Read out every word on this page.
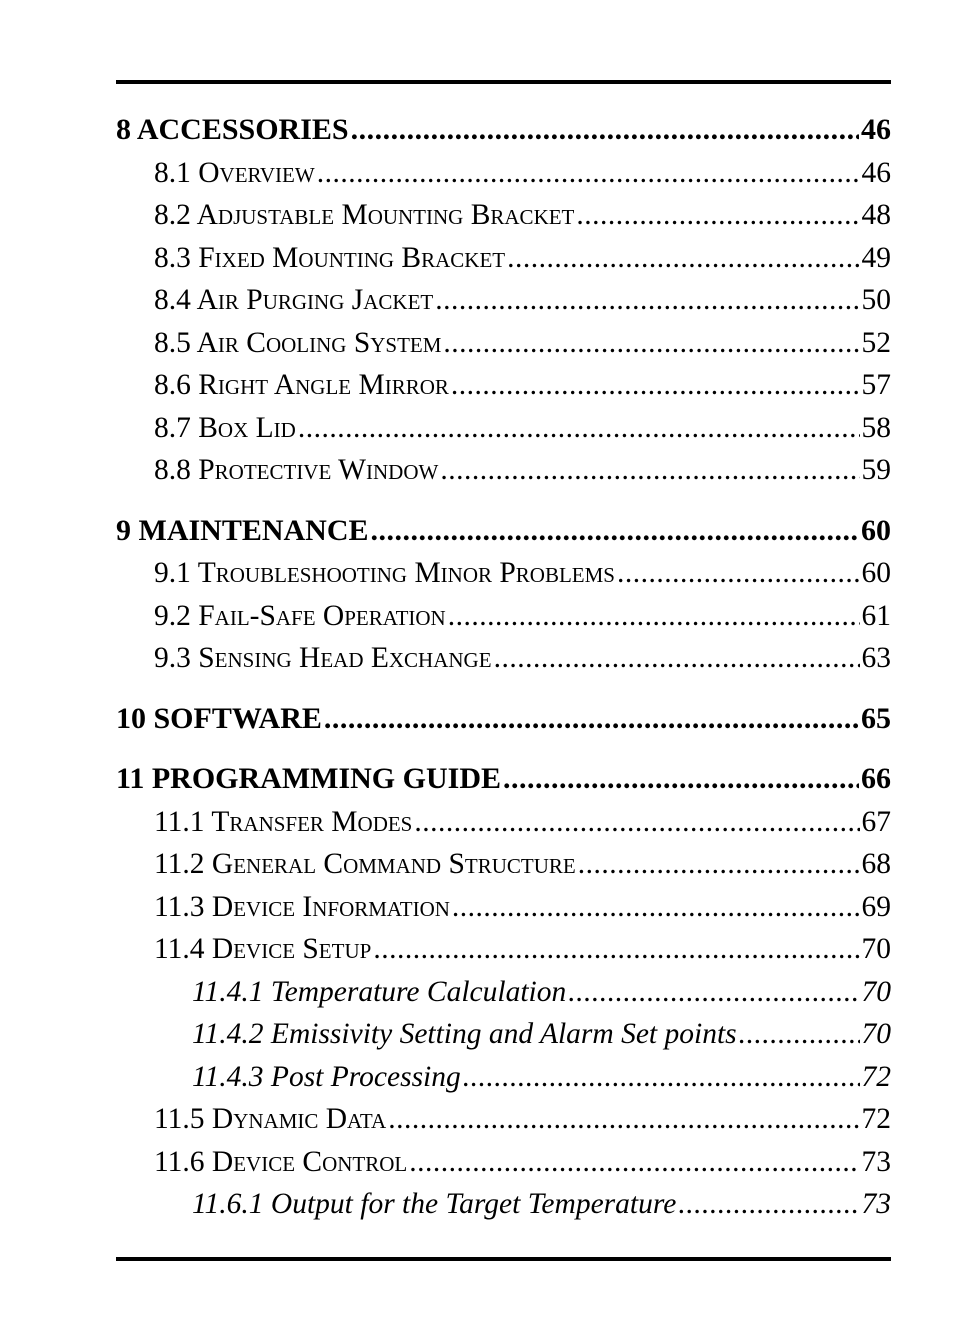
8 ACCESSORIES .....	46
8.1 Overview .....	46
8.2 Adjustable Mounting Bracket .....	48
8.3 Fixed Mounting Bracket .....	49
8.4 Air Purging Jacket .....	50
8.5 Air Cooling System .....	52
8.6 Right Angle Mirror .....	57
8.7 Box Lid .....	58
8.8 Protective Window .....	59
9 MAINTENANCE .....	60
9.1 Troubleshooting Minor Problems .....	60
9.2 Fail-Safe Operation .....	61
9.3 Sensing Head Exchange .....	63
10 SOFTWARE .....	65
11 PROGRAMMING GUIDE .....	66
11.1 Transfer Modes .....	67
11.2 General Command Structure .....	68
11.3 Device Information .....	69
11.4 Device Setup .....	70
11.4.1 Temperature Calculation .....	70
11.4.2 Emissivity Setting and Alarm Set points .....	70
11.4.3 Post Processing .....	72
11.5 Dynamic Data .....	72
11.6 Device Control .....	73
11.6.1 Output for the Target Temperature .....	73
